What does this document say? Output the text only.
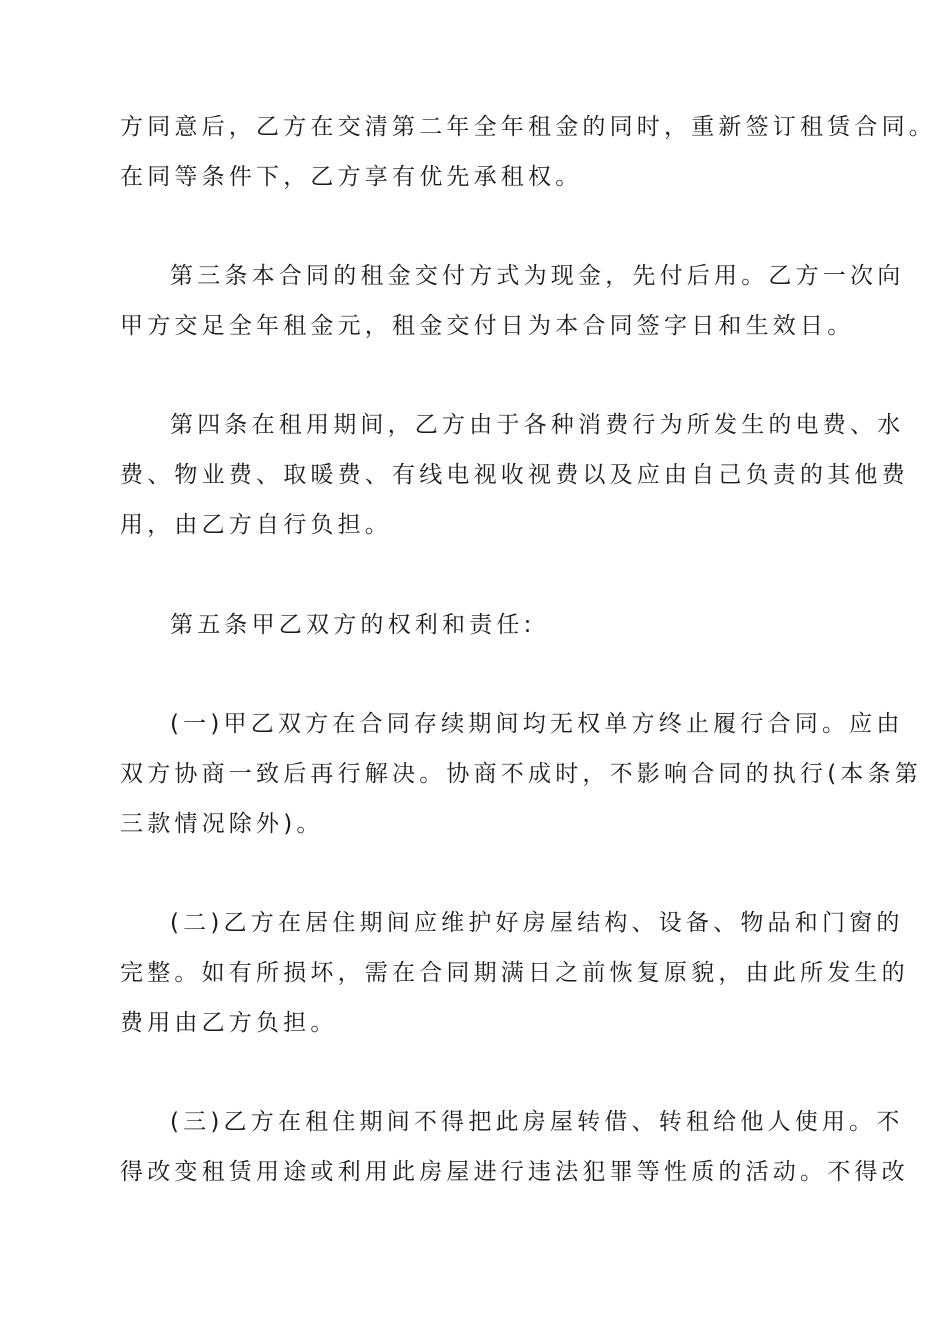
方同意后，乙方在交清第二年全年租金的同时，重新签订租赁合同。
在同等条件下，乙方享有优先承租权。
第三条本合同的租金交付方式为现金，先付后用。乙方一次向
甲方交足全年租金元，租金交付日为本合同签字日和生效日。
第四条在租用期间，乙方由于各种消费行为所发生的电费、水
费、物业费、取暖费、有线电视收视费以及应由自己负责的其他费
用，由乙方自行负担。
第五条甲乙双方的权利和责任:
(一)甲乙双方在合同存续期间均无权单方终止履行合同。应由
双方协商一致后再行解决。协商不成时，不影响合同的执行(本条第
三款情况除外)。
(二)乙方在居住期间应维护好房屋结构、设备、物品和门窗的
完整。如有所损坏，需在合同期满日之前恢复原貌，由此所发生的
费用由乙方负担。
(三)乙方在租住期间不得把此房屋转借、转租给他人使用。不
得改变租赁用途或利用此房屋进行违法犯罪等性质的活动。不得改
